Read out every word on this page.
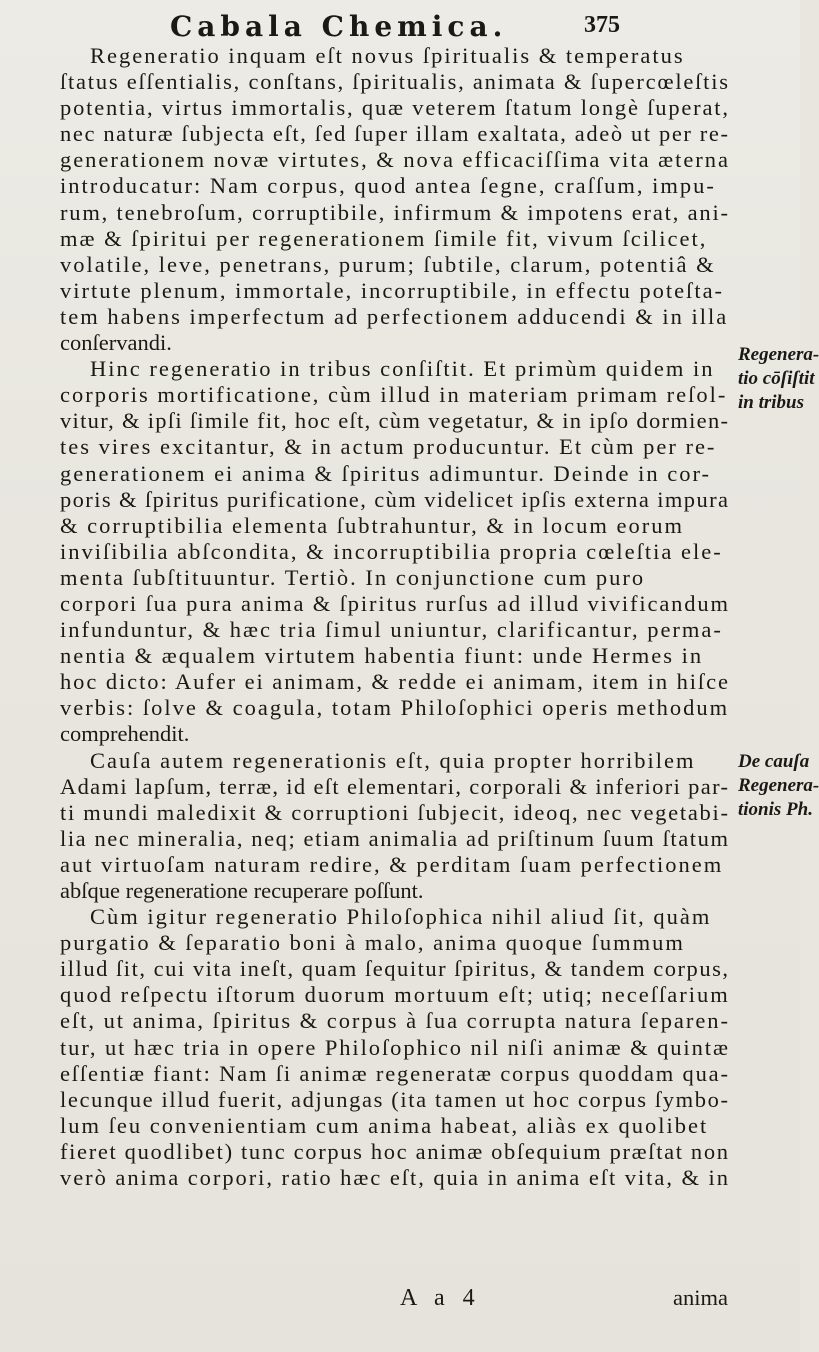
Cabala Chemica.	375
Regeneratio inquam eſt novus ſpiritualis & temperatus
ſtatus eſſentialis, conſtans, ſpiritualis, animata & ſupercœleſtis
potentia, virtus immortalis, quæ veterem ſtatum longè ſuperat,
nec naturæ ſubjecta eſt, ſed ſuper illam exaltata, adeò ut per re-
generationem novæ virtutes, & nova efficaciſſima vita æterna
introducatur: Nam corpus, quod antea ſegne, craſſum, impu-
rum, tenebroſum, corruptibile, infirmum & impotens erat, ani-
mæ & ſpiritui per regenerationem ſimile fit, vivum ſcilicet,
volatile, leve, penetrans, purum; ſubtile, clarum, potentiâ &
virtute plenum, immortale, incorruptibile, in effectu poteſta-
tem habens imperfectum ad perfectionem adducendi & in illa
conſervandi.
Hinc regeneratio in tribus conſiſtit. Et primùm quidem in
corporis mortificatione, cùm illud in materiam primam reſol-
vitur, & ipſi ſimile fit, hoc eſt, cùm vegetatur, & in ipſo dormien-
tes vires excitantur, & in actum producuntur. Et cùm per re-
generationem ei anima & ſpiritus adimuntur. Deinde in cor-
poris & ſpiritus purificatione, cùm videlicet ipſis externa impura
& corruptibilia elementa ſubtrahuntur, & in locum eorum
inviſibilia abſcondita, & incorruptibilia propria cœleſtia ele-
menta ſubſtituuntur. Tertiò. In conjunctione cum puro
corpori ſua pura anima & ſpiritus rurſus ad illud vivificandum
infunduntur, & hæc tria ſimul uniuntur, clarificantur, perma-
nentia & æqualem virtutem habentia fiunt: unde Hermes in
hoc dicto: Aufer ei animam, & redde ei animam, item in hiſce
verbis: ſolve & coagula, totam Philoſophici operis methodum
comprehendit.
Cauſa autem regenerationis eſt, quia propter horribilem
Adami lapſum, terræ, id eſt elementari, corporali & inferiori par-
ti mundi maledixit & corruptioni ſubjecit, ideoq, nec vegetabi-
lia nec mineralia, neq; etiam animalia ad priſtinum ſuum ſtatum
aut virtuoſam naturam redire, & perditam ſuam perfectionem
abſque regeneratione recuperare poſſunt.
Cùm igitur regeneratio Philoſophica nihil aliud ſit, quàm
purgatio & ſeparatio boni à malo, anima quoque ſummum
illud ſit, cui vita ineſt, quam ſequitur ſpiritus, & tandem corpus,
quod reſpectu iſtorum duorum mortuum eſt; utiq; neceſſarium
eſt, ut anima, ſpiritus & corpus à ſua corrupta natura ſeparen-
tur, ut hæc tria in opere Philoſophico nil niſi animæ & quintæ
eſſentiæ fiant: Nam ſi animæ regeneratæ corpus quoddam qua-
lecunque illud fuerit, adjungas (ita tamen ut hoc corpus ſymbo-
lum ſeu convenientiam cum anima habeat, aliàs ex quolibet
fieret quodlibet) tunc corpus hoc animæ obſequium præſtat non
verò anima corpori, ratio hæc eſt, quia in anima eſt vita, & in
Regenera-
tio cōſiſtit
in tribus
De cauſa
Regenera-
tionis Ph.
A a 4	anima
